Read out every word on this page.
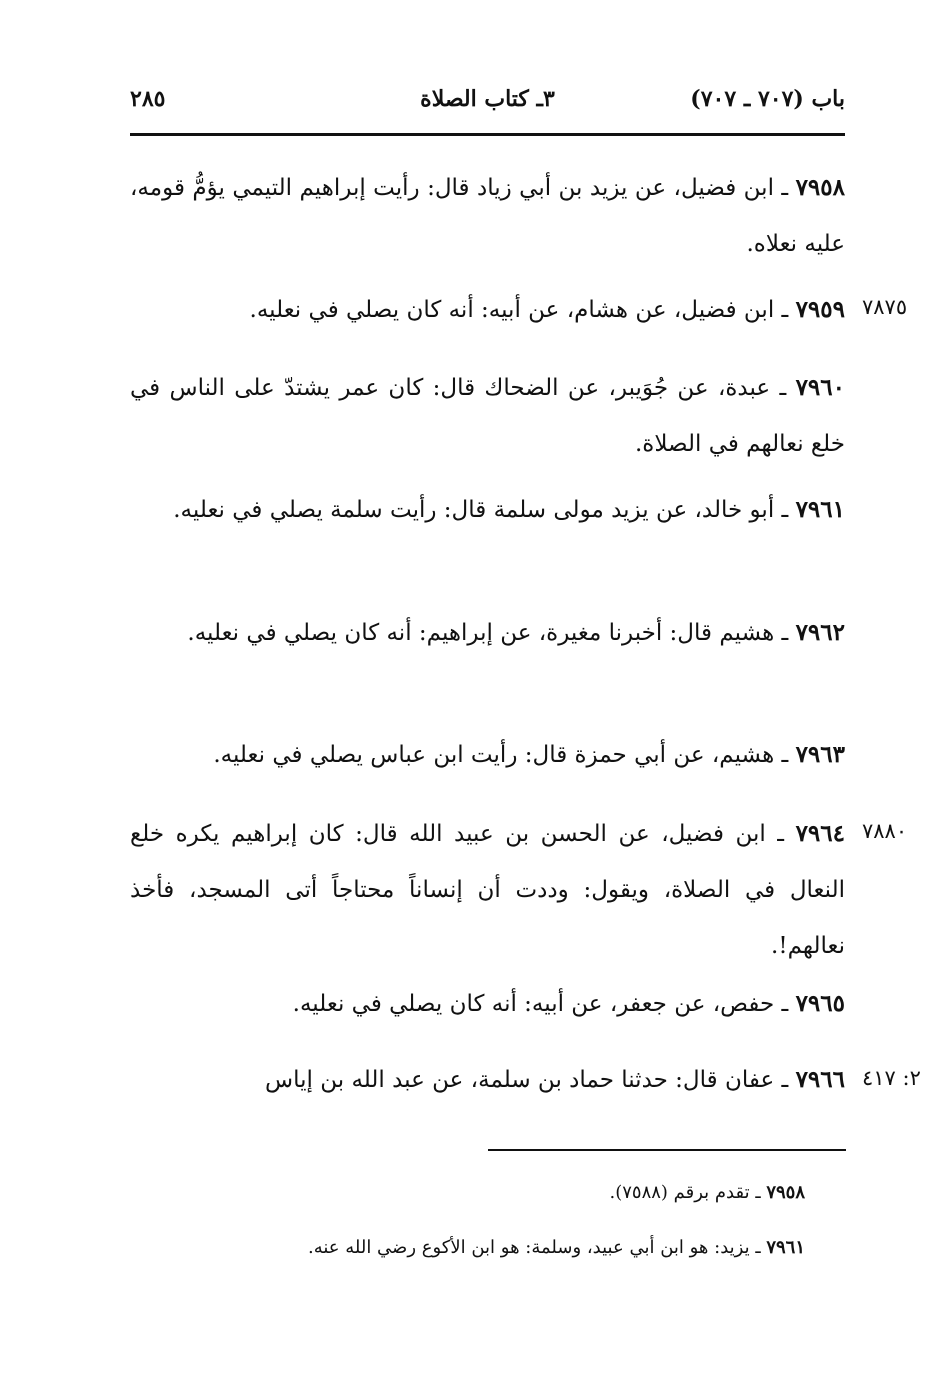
باب (٧٠٧ ـ ٧٠٧)
٣ـ كتاب الصلاة
٢٨٥
٧٩٥٨ ـ ابن فضيل، عن يزيد بن أبي زياد قال: رأيت إبراهيم التيمي يؤمُّ قومه، عليه نعلاه.
٧٩٥٩ ـ ابن فضيل، عن هشام، عن أبيه: أنه كان يصلي في نعليه.	٧٨٧٥
٧٩٦٠ ـ عبدة، عن جُوَيبر، عن الضحاك قال: كان عمر يشتدّ على الناس في خلع نعالهم في الصلاة.
٧٩٦١ ـ أبو خالد، عن يزيد مولى سلمة قال: رأيت سلمة يصلي في نعليه.
٧٩٦٢ ـ هشيم قال: أخبرنا مغيرة، عن إبراهيم: أنه كان يصلي في نعليه.
٧٩٦٣ ـ هشيم، عن أبي حمزة قال: رأيت ابن عباس يصلي في نعليه.
٧٩٦٤ ـ ابن فضيل، عن الحسن بن عبيد الله قال: كان إبراهيم يكره خلع النعال في الصلاة، ويقول: وددت أن إنساناً محتاجاً أتى المسجد، فأخذ نعالهم!.
٧٨٨٠
٧٩٦٥ ـ حفص، عن جعفر، عن أبيه: أنه كان يصلي في نعليه.
٧٩٦٦ ـ عفان قال: حدثنا حماد بن سلمة، عن عبد الله بن إياس	٢: ٤١٧
٧٩٥٨ ـ تقدم برقم (٧٥٨٨).
٧٩٦١ ـ يزيد: هو ابن أبي عبيد، وسلمة: هو ابن الأكوع رضي الله عنه.
